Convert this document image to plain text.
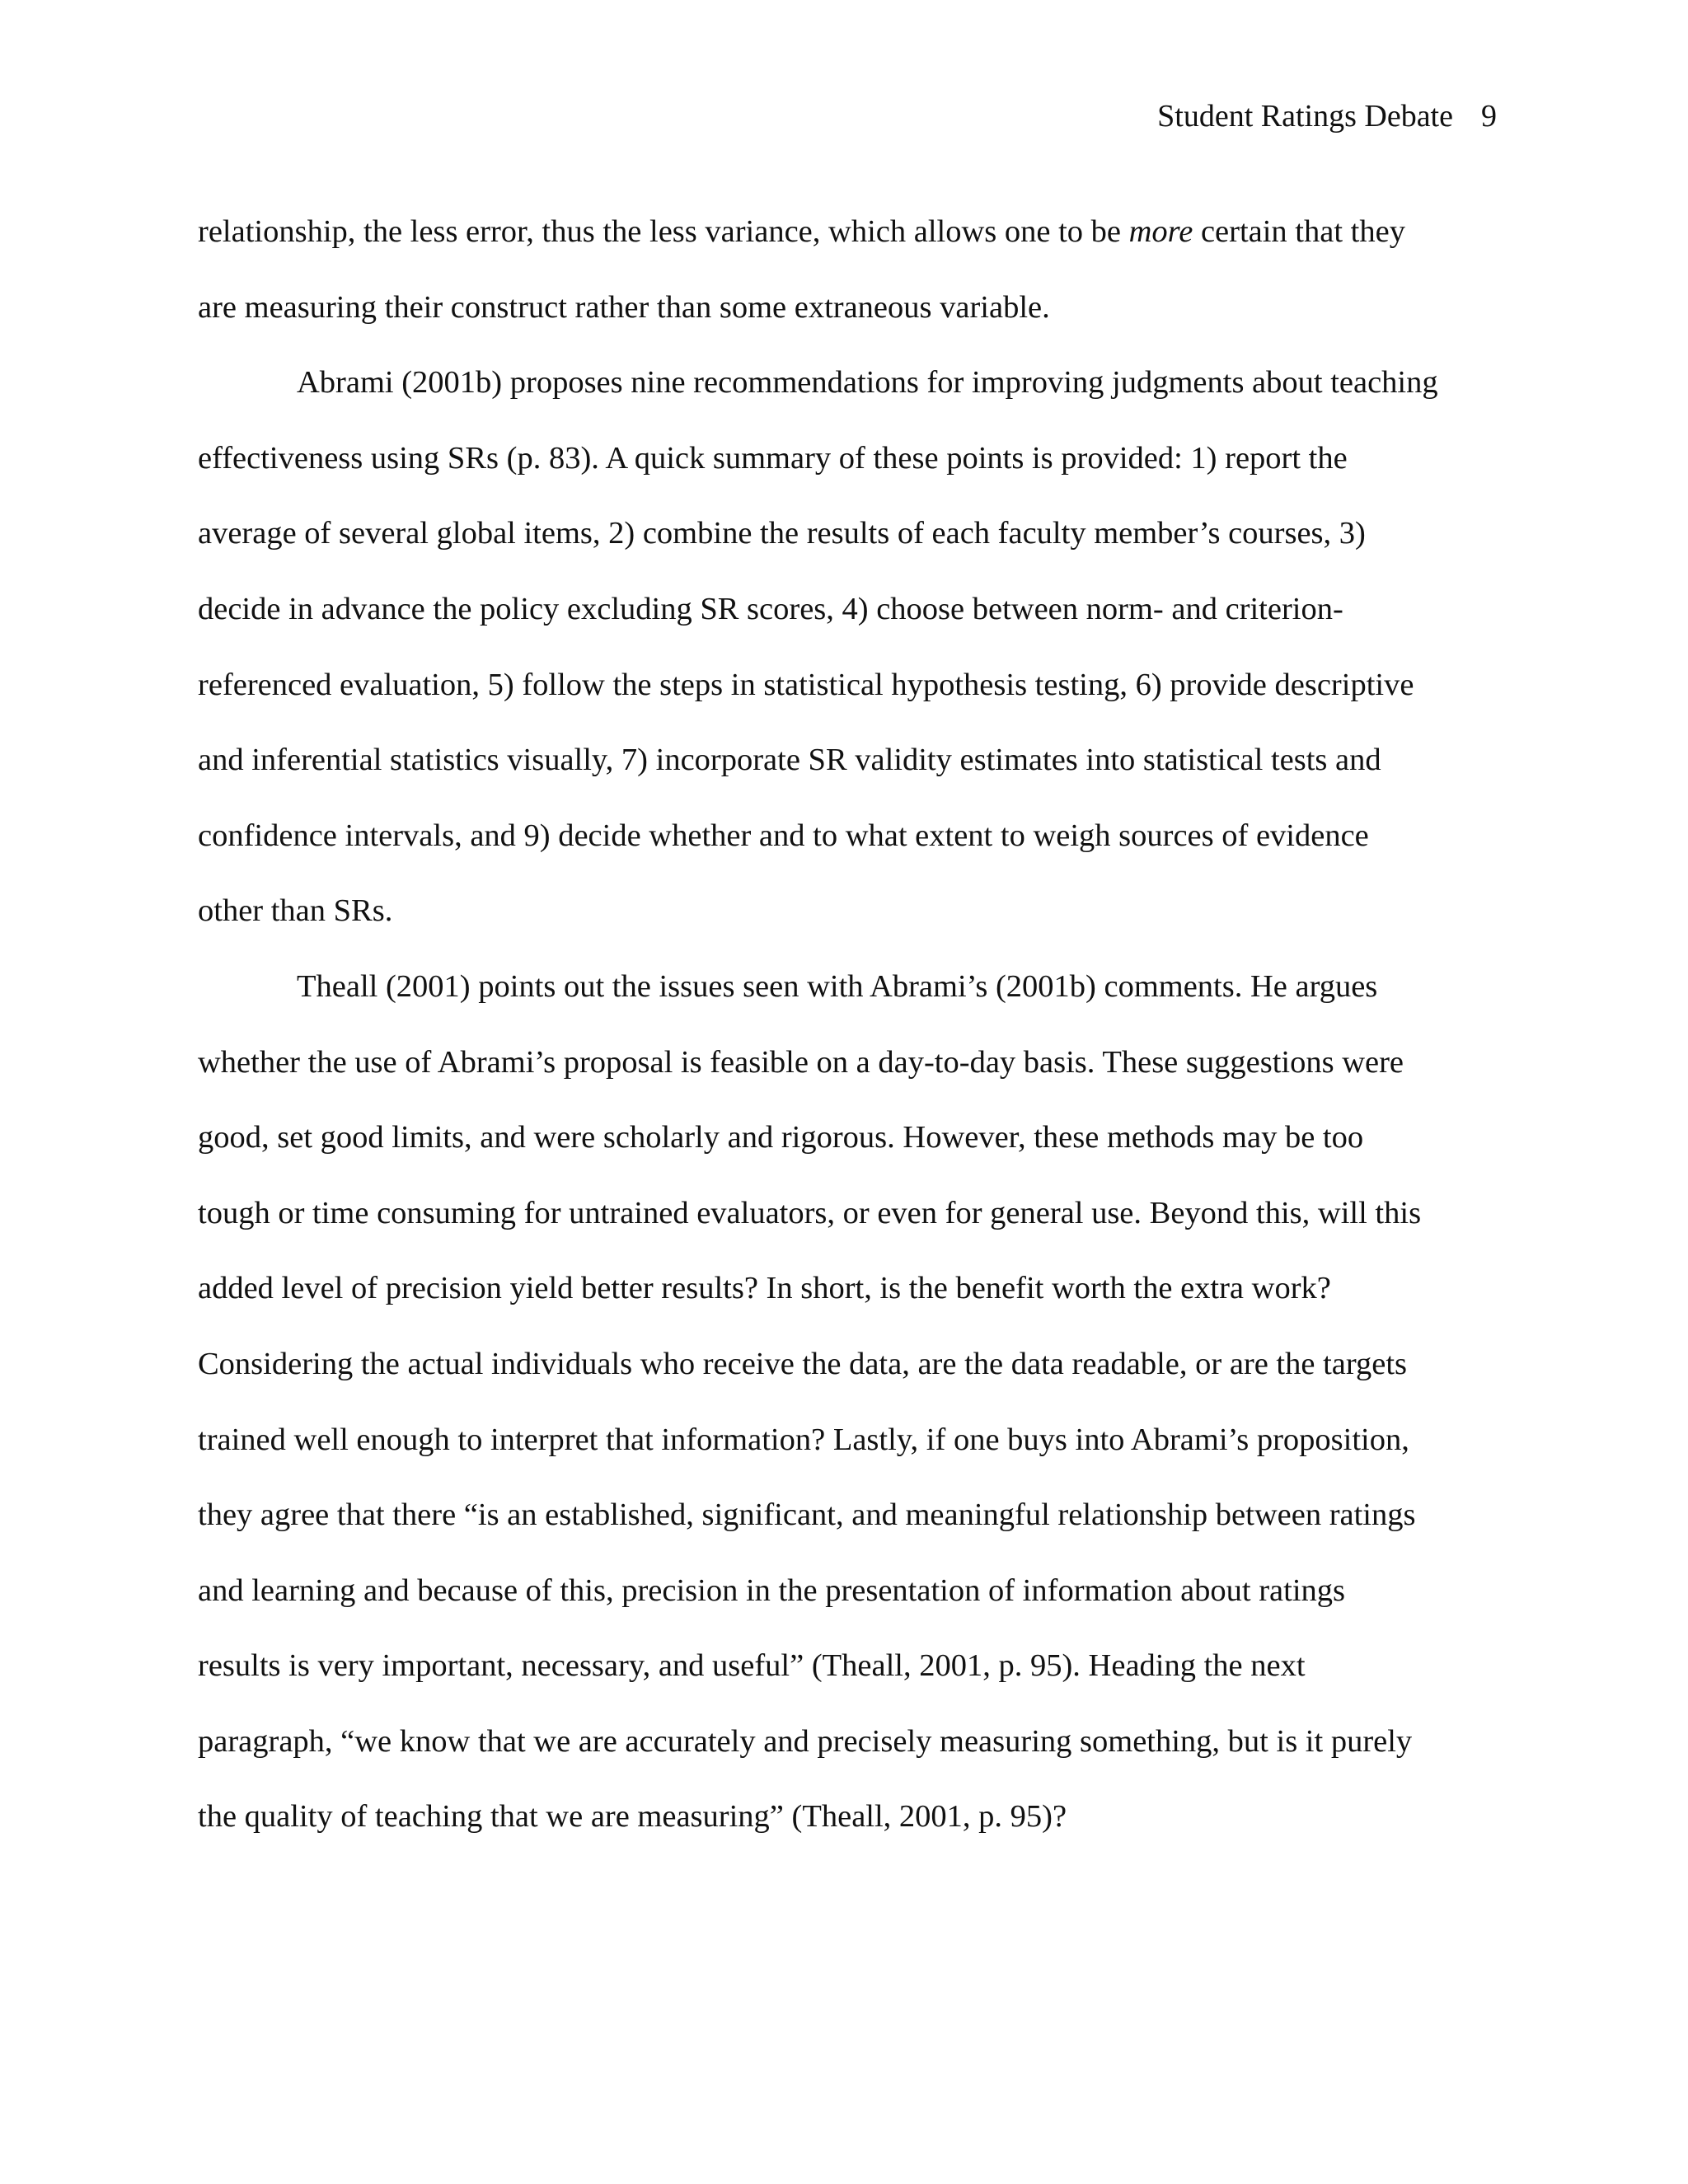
Student Ratings Debate 9
relationship, the less error, thus the less variance, which allows one to be more certain that they
are measuring their construct rather than some extraneous variable.
Abrami (2001b) proposes nine recommendations for improving judgments about teaching
effectiveness using SRs (p. 83). A quick summary of these points is provided: 1) report the
average of several global items, 2) combine the results of each faculty member’s courses, 3)
decide in advance the policy excluding SR scores, 4) choose between norm- and criterion-
referenced evaluation, 5) follow the steps in statistical hypothesis testing, 6) provide descriptive
and inferential statistics visually, 7) incorporate SR validity estimates into statistical tests and
confidence intervals, and 9) decide whether and to what extent to weigh sources of evidence
other than SRs.
Theall (2001) points out the issues seen with Abrami’s (2001b) comments. He argues
whether the use of Abrami’s proposal is feasible on a day-to-day basis. These suggestions were
good, set good limits, and were scholarly and rigorous. However, these methods may be too
tough or time consuming for untrained evaluators, or even for general use. Beyond this, will this
added level of precision yield better results? In short, is the benefit worth the extra work?
Considering the actual individuals who receive the data, are the data readable, or are the targets
trained well enough to interpret that information? Lastly, if one buys into Abrami’s proposition,
they agree that there “is an established, significant, and meaningful relationship between ratings
and learning and because of this, precision in the presentation of information about ratings
results is very important, necessary, and useful” (Theall, 2001, p. 95). Heading the next
paragraph, “we know that we are accurately and precisely measuring something, but is it purely
the quality of teaching that we are measuring” (Theall, 2001, p. 95)?
